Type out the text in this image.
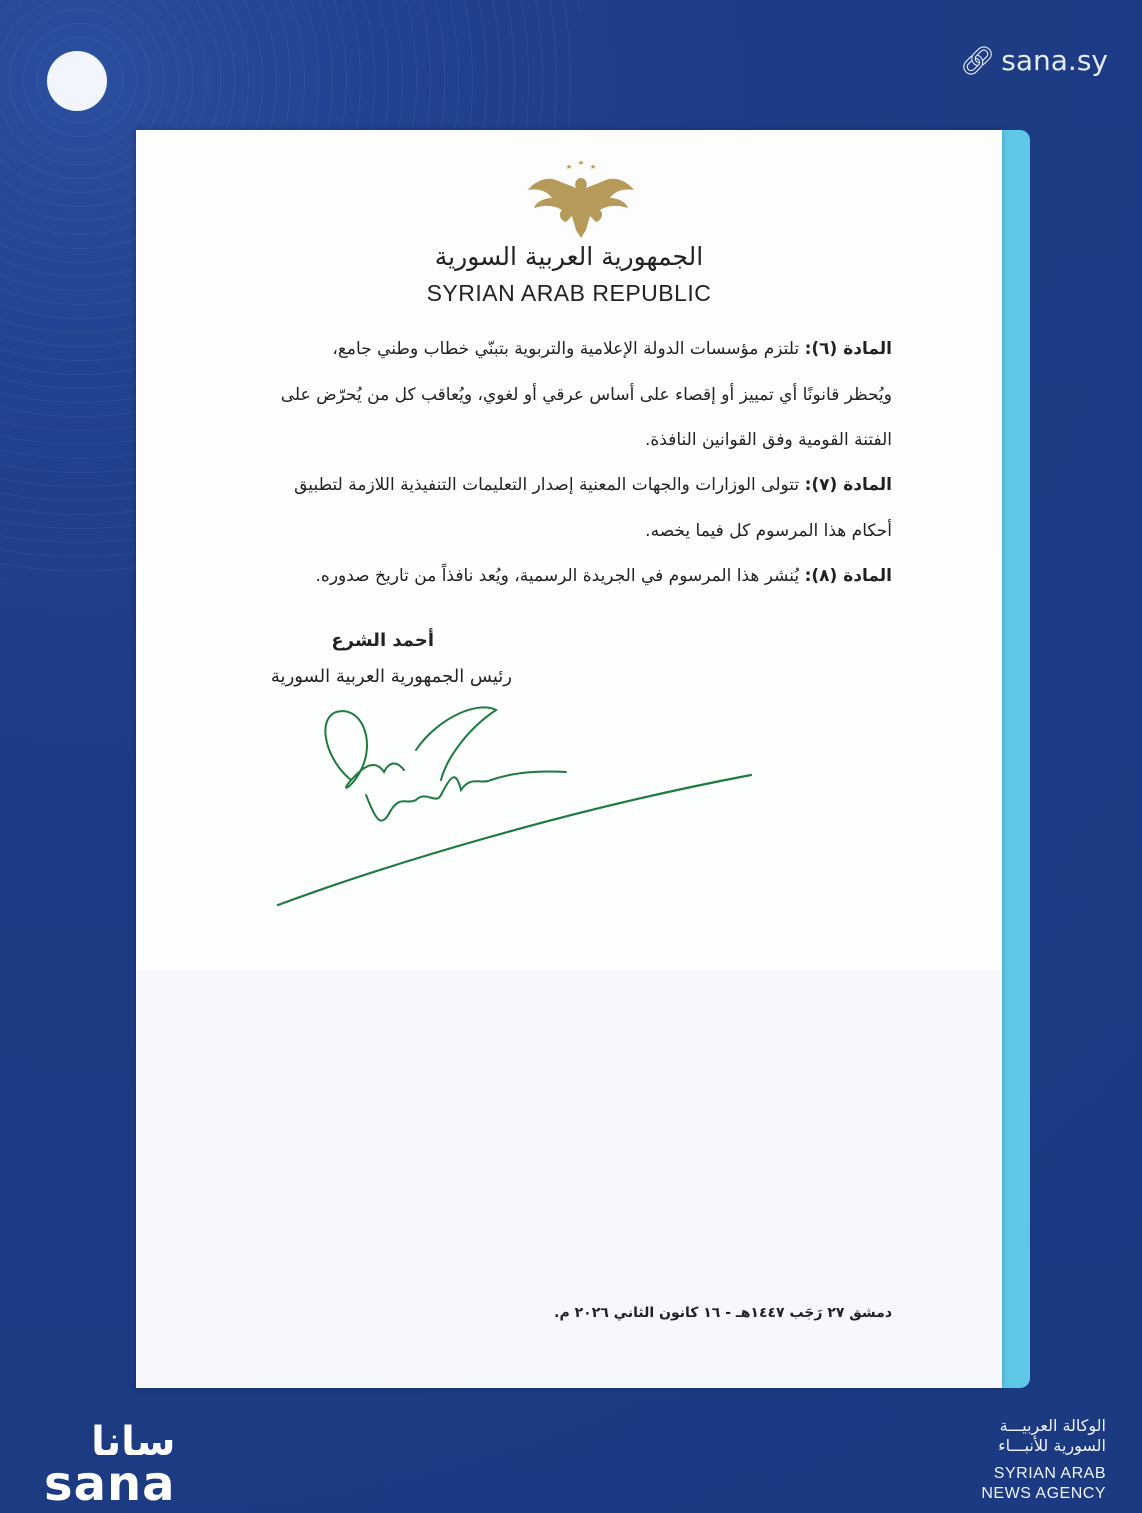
🔗︎ sana.sy
الجمهورية العربية السورية
SYRIAN ARAB REPUBLIC
المادة (٦): تلتزم مؤسسات الدولة الإعلامية والتربوية بتبنّي خطاب وطني جامع،
ويُحظر قانونًا أي تمييز أو إقصاء على أساس عرقي أو لغوي، ويُعاقب كل من يُحرّض على
الفتنة القومية وفق القوانين النافذة.
المادة (٧): تتولى الوزارات والجهات المعنية إصدار التعليمات التنفيذية اللازمة لتطبيق
أحكام هذا المرسوم كل فيما يخصه.
المادة (٨): يُنشر هذا المرسوم في الجريدة الرسمية، ويُعد نافذاً من تاريخ صدوره.
أحمد الشرع
رئيس الجمهورية العربية السورية
دمشق ٢٧ رَجَب ١٤٤٧هـ - ١٦ كانون الثاني ٢٠٢٦ م.
سانا
sana
الوكالة العربيـــة
السورية للأنبـــاء
SYRIAN ARAB
NEWS AGENCY
